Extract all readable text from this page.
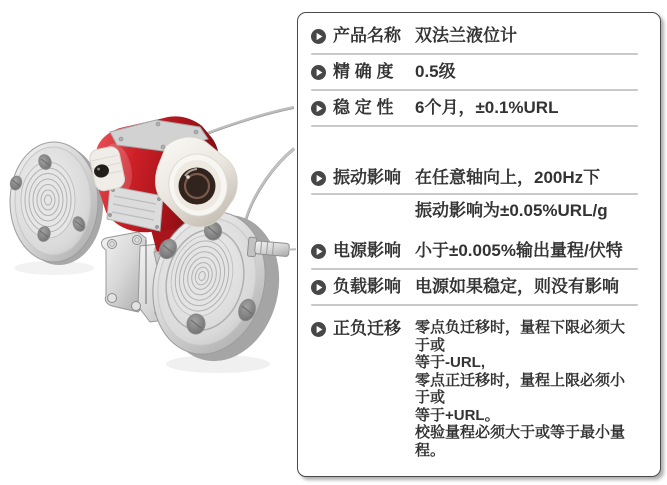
产品名称 双法兰液位计
精 确 度	0.5级
稳 定 性	6个月，±0.1%URL
振动影响 在任意轴向上，200Hz下
振动影响为±0.05%URL/g
电源影响 小于±0.005%输出量程/伏特
负载影响 电源如果稳定，则没有影响
正负迁移 零点负迁移时，量程下限必须大于或
等于-URL,
零点正迁移时，量程上限必须小于或
等于+URL。
校验量程必须大于或等于最小量程。
